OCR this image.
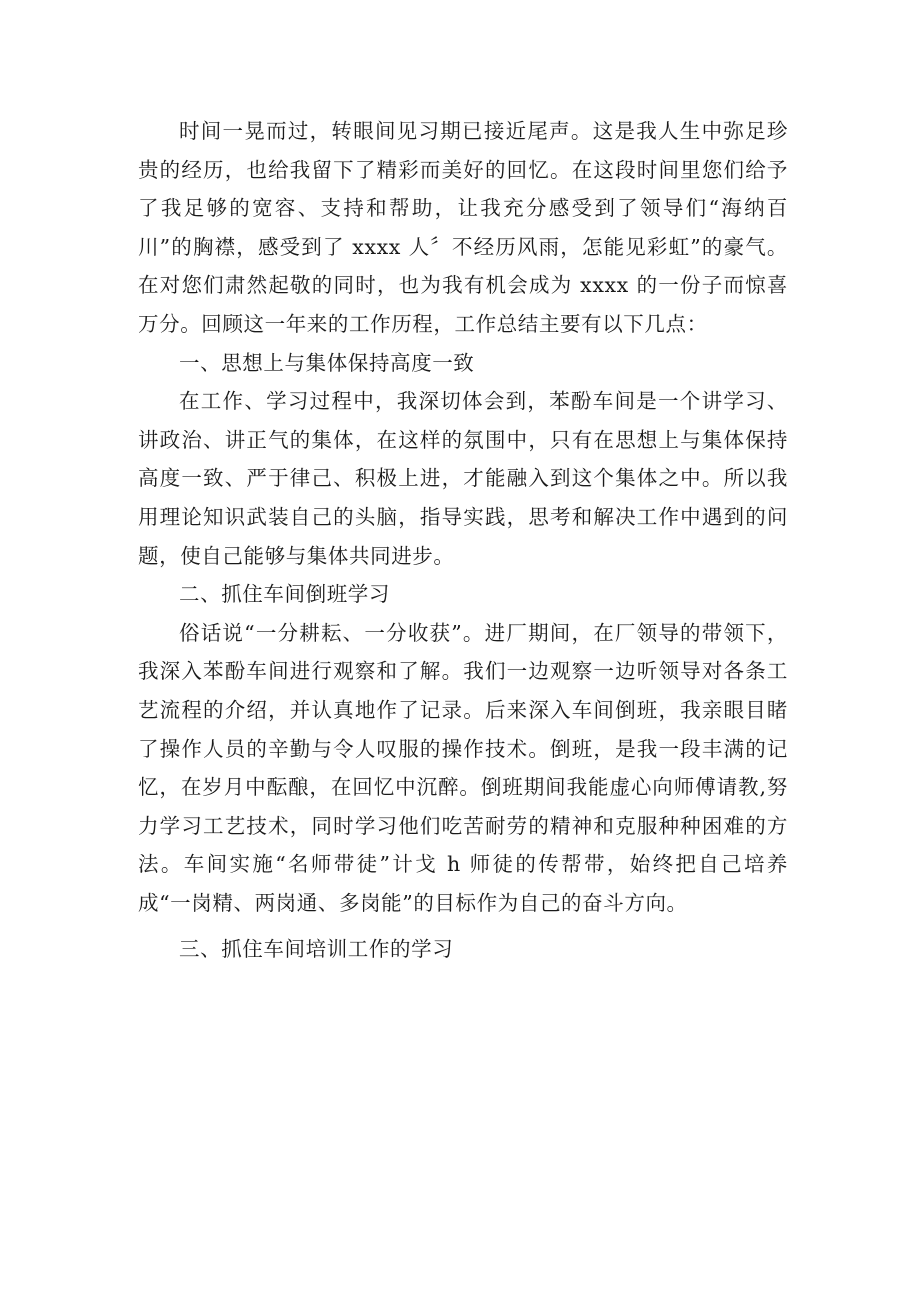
时间一晃而过，转眼间见习期已接近尾声。这是我人生中弥足珍贵的经历，也给我留下了精彩而美好的回忆。在这段时间里您们给予了我足够的宽容、支持和帮助，让我充分感受到了领导们“海纳百川”的胸襟，感受到了 xxxx 人〞不经历风雨，怎能见彩虹”的豪气。在对您们肃然起敬的同时，也为我有机会成为 xxxx 的一份子而惊喜万分。回顾这一年来的工作历程，工作总结主要有以下几点：

一、思想上与集体保持高度一致

在工作、学习过程中，我深切体会到，苯酚车间是一个讲学习、讲政治、讲正气的集体，在这样的氛围中，只有在思想上与集体保持高度一致、严于律己、积极上进，才能融入到这个集体之中。所以我用理论知识武装自己的头脑，指导实践，思考和解决工作中遇到的问题，使自己能够与集体共同进步。

二、抓住车间倒班学习

俗话说“一分耕耘、一分收获”。进厂期间，在厂领导的带领下，我深入苯酚车间进行观察和了解。我们一边观察一边听领导对各条工艺流程的介绍，并认真地作了记录。后来深入车间倒班，我亲眼目睹了操作人员的辛勤与令人叹服的操作技术。倒班，是我一段丰满的记忆，在岁月中酝酿，在回忆中沉醉。倒班期间我能虚心向师傅请教,努力学习工艺技术，同时学习他们吃苦耐劳的精神和克服种种困难的方法。车间实施“名师带徒”计戈 h 师徒的传帮带，始终把自己培养成“一岗精、两岗通、多岗能”的目标作为自己的奋斗方向。

三、抓住车间培训工作的学习
